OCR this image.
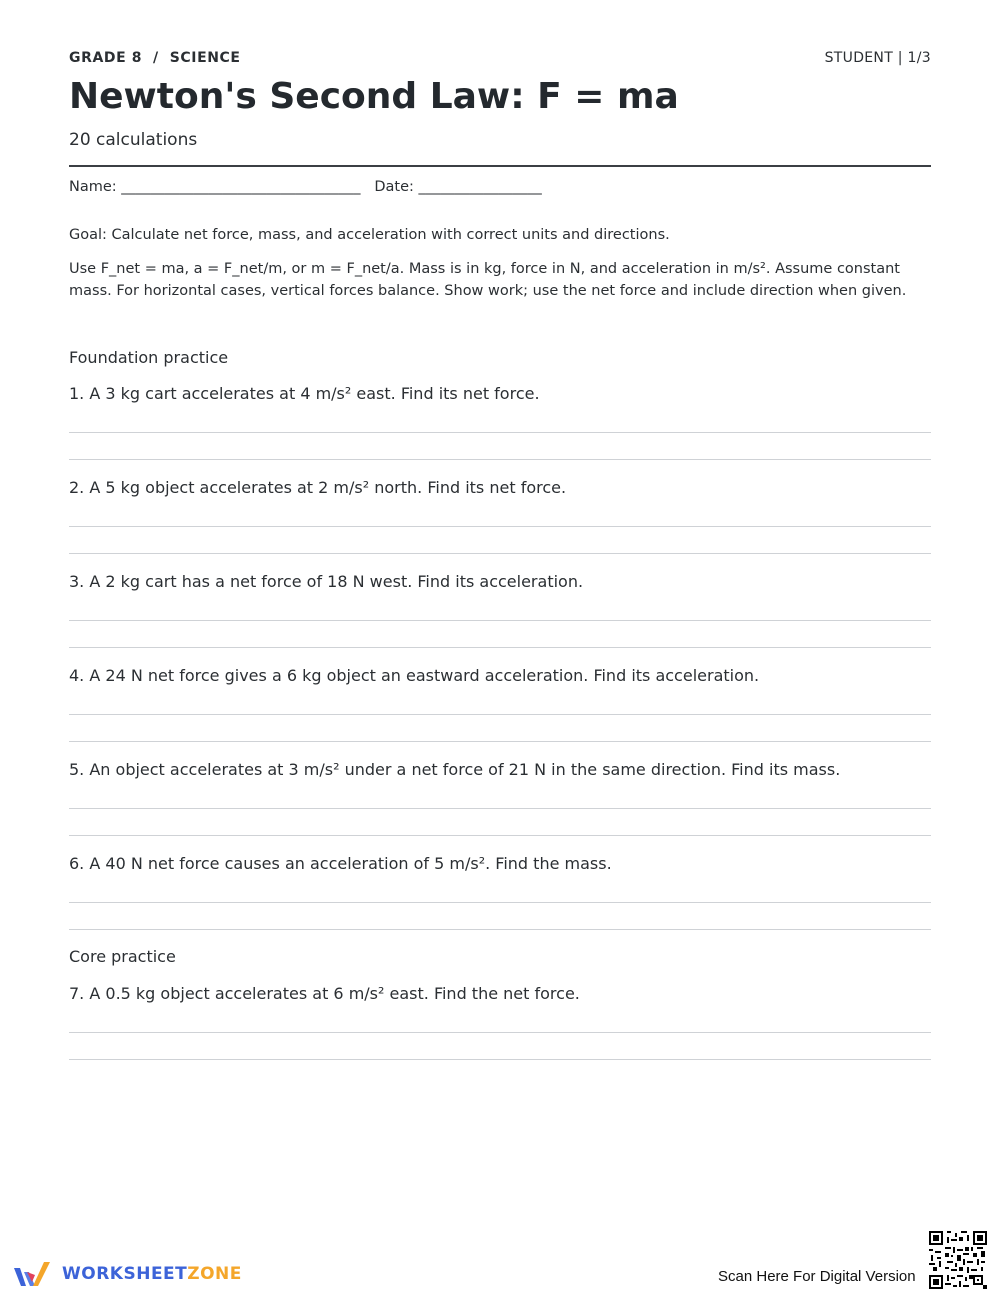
GRADE 8  /  SCIENCE	STUDENT | 1/3
Newton's Second Law: F = ma
20 calculations
Name: _________________________________ Date: _________________
Goal: Calculate net force, mass, and acceleration with correct units and directions.
Use F_net = ma, a = F_net/m, or m = F_net/a. Mass is in kg, force in N, and acceleration in m/s². Assume constant mass. For horizontal cases, vertical forces balance. Show work; use the net force and include direction when given.
Foundation practice
1. A 3 kg cart accelerates at 4 m/s² east. Find its net force.
2. A 5 kg object accelerates at 2 m/s² north. Find its net force.
3. A 2 kg cart has a net force of 18 N west. Find its acceleration.
4. A 24 N net force gives a 6 kg object an eastward acceleration. Find its acceleration.
5. An object accelerates at 3 m/s² under a net force of 21 N in the same direction. Find its mass.
6. A 40 N net force causes an acceleration of 5 m/s². Find the mass.
Core practice
7. A 0.5 kg object accelerates at 6 m/s² east. Find the net force.
WORKSHEETZONE	Scan Here For Digital Version
